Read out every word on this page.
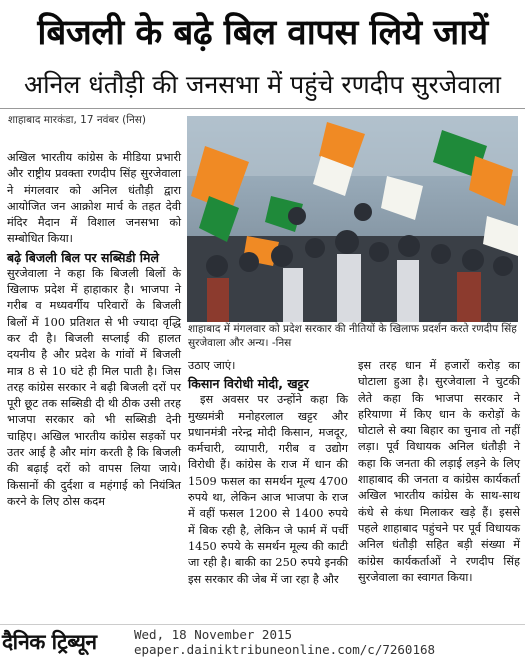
बिजली के बढ़े बिल वापस लिये जायें
अनिल धंतौड़ी की जनसभा में पहुंचे रणदीप सुरजेवाला
शाहाबाद मारकंडा, 17 नवंबर (निस)

अखिल भारतीय कांग्रेस के मीडिया प्रभारी और राष्ट्रीय प्रवक्ता रणदीप सिंह सुरजेवाला ने मंगलवार को अनिल धंतौड़ी द्वारा आयोजित जन आक्रोश मार्च के तहत देवी मंदिर मैदान में विशाल जनसभा को सम्बोधित किया।

बढ़े बिजली बिल पर सब्सिडी मिले

सुरजेवाला ने कहा कि बिजली बिलों के खिलाफ प्रदेश में हाहाकार है। भाजपा ने गरीब व मध्यवर्गीय परिवारों के बिजली बिलों में 100 प्रतिशत से भी ज्यादा वृद्धि कर दी है। बिजली सप्लाई की हालत दयनीय है और प्रदेश के गांवों में बिजली मात्र 8 से 10 घंटे ही मिल पाती है। जिस तरह कांग्रेस सरकार ने बढ़ी बिजली दरों पर पूरी छूट तक सब्सिडी दी थी ठीक उसी तरह भाजपा सरकार को भी सब्सिडी देनी चाहिए। अखिल भारतीय कांग्रेस सड़कों पर उतर आई है और मांग करती है कि बिजली की बढ़ाई दरों को वापस लिया जाये। किसानों की दुर्दशा व महंगाई को नियंत्रित करने के लिए ठोस कदम

शाहाबाद में मंगलवार को प्रदेश सरकार की नीतियों के खिलाफ प्रदर्शन करते रणदीप सिंह सुरजेवाला और अन्य। -निस

उठाए जाएं।

किसान विरोधी मोदी, खट्टर

इस अवसर पर उन्होंने कहा कि मुख्यमंत्री मनोहरलाल खट्टर और प्रधानमंत्री नरेन्द्र मोदी किसान, मजदूर, कर्मचारी, व्यापारी, गरीब व उद्योग विरोधी हैं। कांग्रेस के राज में धान की 1509 फसल का समर्थन मूल्य 4700 रुपये था, लेकिन आज भाजपा के राज में वहीं फसल 1200 से 1400 रुपये में बिक रही है, लेकिन जे फार्म में पर्ची 1450 रुपये के समर्थन मूल्य की काटी जा रही है। बाकी का 250 रुपये इनकी इस सरकार की जेब में जा रहा है और

इस तरह धान में हजारों करोड़ का घोटाला हुआ है। सुरजेवाला ने चुटकी लेते कहा कि भाजपा सरकार ने हरियाणा में किए धान के करोड़ों के घोटाले से क्या बिहार का चुनाव तो नहीं लड़ा। पूर्व विधायक अनिल धंतौड़ी ने कहा कि जनता की लड़ाई लड़ने के लिए शाहाबाद की जनता व कांग्रेस कार्यकर्ता अखिल भारतीय कांग्रेस के साथ-साथ कंधे से कंधा मिलाकर खड़े हैं। इससे पहले शाहाबाद पहुंचने पर पूर्व विधायक अनिल धंतौड़ी सहित बड़ी संख्या में कांग्रेस कार्यकर्ताओं ने रणदीप सिंह सुरजेवाला का स्वागत किया।

दैनिक ट्रिब्यून	Wed, 18 November 2015
epaper.dainiktribuneonline.com/c/7260168
